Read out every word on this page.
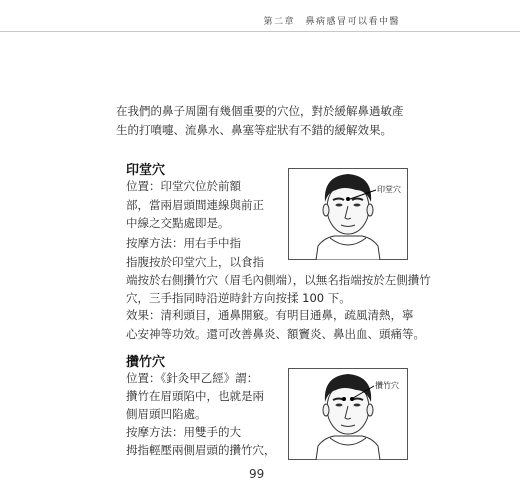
第二章　鼻病感冒可以看中醫
在我們的鼻子周圍有幾個重要的穴位，對於緩解鼻過敏產
生的打噴嚏、流鼻水、鼻塞等症狀有不錯的緩解效果。
印堂穴
位置：印堂穴位於前額
部，當兩眉頭間連線與前正
中線之交點處即是。
按摩方法：用右手中指
指腹按於印堂穴上，以食指
端按於右側攢竹穴（眉毛內側端），以無名指端按於左側攢竹
穴，三手指同時沿逆時針方向按揉 100 下。
效果：清利頭目，通鼻開竅。有明目通鼻，疏風清熱，寧
心安神等功效。還可改善鼻炎、額竇炎、鼻出血、頭痛等。
印堂穴
攢竹穴
位置：《針灸甲乙經》謂：
攢竹在眉頭陷中，也就是兩
側眉頭凹陷處。
按摩方法：用雙手的大
拇指輕壓兩側眉頭的攢竹穴，
攢竹穴
99
